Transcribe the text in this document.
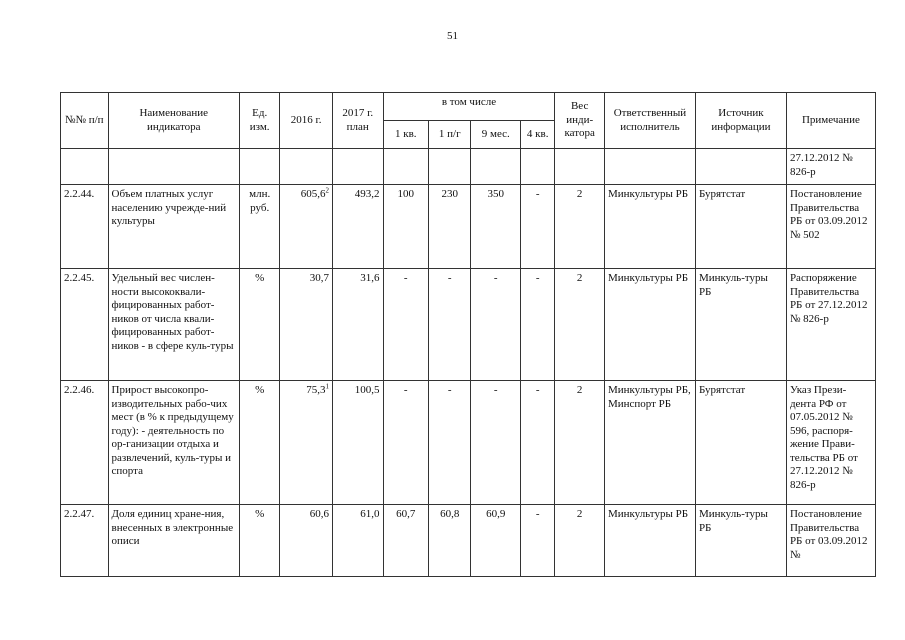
51
№№ п/п	Наименование индикатора	Ед. изм.	2016 г.	2017 г. план	в том числе				Вес инди-катора	Ответственный исполнитель	Источник информации	Примечание
					1 кв.	1 п/г	9 мес.	4 кв.				
												27.12.2012 № 826-р
2.2.44.	Объем платных услуг населению учрежде-ний культуры	млн. руб.	605,6$^2$	493,2	100	230	350	-	2	Минкультуры РБ	Бурятстат	Постановление Правительства РБ от 03.09.2012 № 502
2.2.45.	Удельный вес числен-ности высококвали-фицированных работ-ников от числа квали-фицированных работ-ников - в сфере куль-туры	%	30,7	31,6	-	-	-	-	2	Минкультуры РБ	Минкуль-туры РБ	Распоряжение Правительства РБ от 27.12.2012 № 826-р
2.2.46.	Прирост высокопро-изводительных рабо-чих мест (в % к предыдущему году): - деятельность по ор-ганизации отдыха и развлечений, куль-туры и спорта	%	75,3$^1$	100,5	-	-	-	-	2	Минкультуры РБ, Минспорт РБ	Бурятстат	Указ Прези-дента РФ от 07.05.2012 № 596, распоря-жение Прави-тельства РБ от 27.12.2012 № 826-р
2.2.47.	Доля единиц хране-ния, внесенных в электронные описи	%	60,6	61,0	60,7	60,8	60,9	-	2	Минкультуры РБ	Минкуль-туры РБ	Постановление Правительства РБ от 03.09.2012 №
